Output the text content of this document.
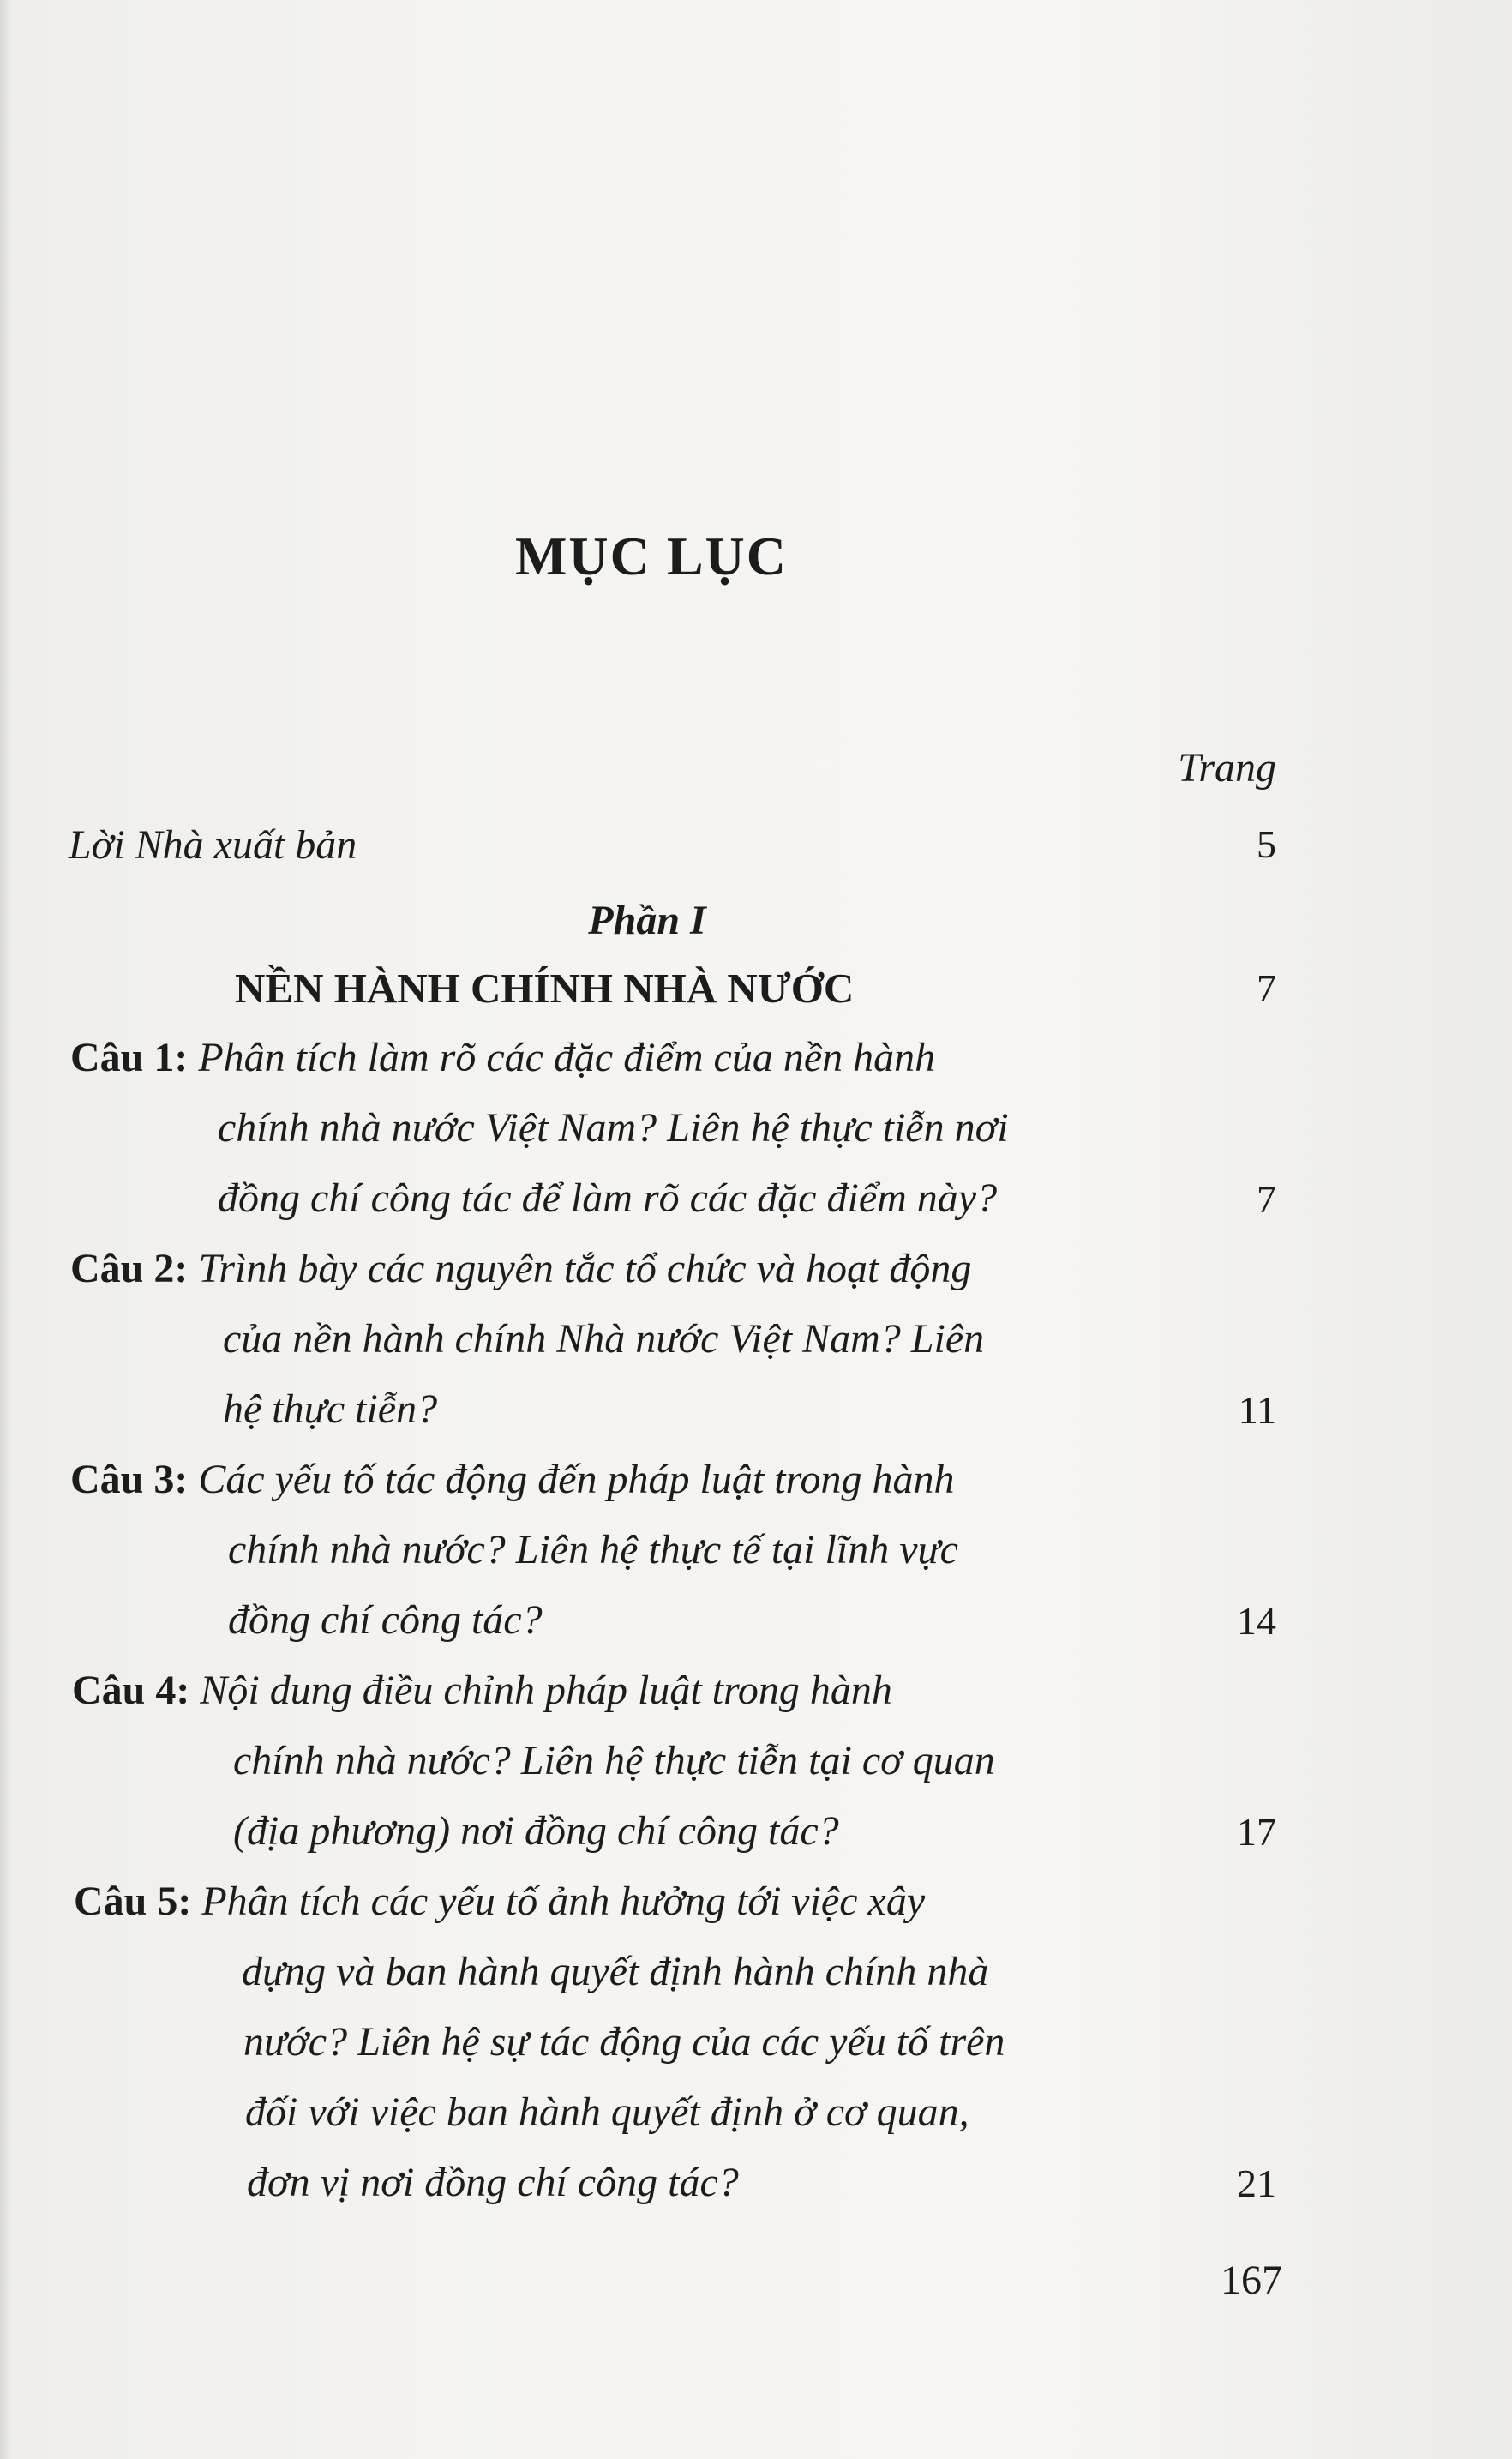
MỤC LỤC
Trang
Lời Nhà xuất bản	5
Phần I
NỀN HÀNH CHÍNH NHÀ NƯỚC	7
Câu 1: Phân tích làm rõ các đặc điểm của nền hành
chính nhà nước Việt Nam? Liên hệ thực tiễn nơi
đồng chí công tác để làm rõ các đặc điểm này?	7
Câu 2: Trình bày các nguyên tắc tổ chức và hoạt động
của nền hành chính Nhà nước Việt Nam? Liên
hệ thực tiễn?	11
Câu 3: Các yếu tố tác động đến pháp luật trong hành
chính nhà nước? Liên hệ thực tế tại lĩnh vực
đồng chí công tác?	14
Câu 4: Nội dung điều chỉnh pháp luật trong hành
chính nhà nước? Liên hệ thực tiễn tại cơ quan
(địa phương) nơi đồng chí công tác?	17
Câu 5: Phân tích các yếu tố ảnh hưởng tới việc xây
dựng và ban hành quyết định hành chính nhà
nước? Liên hệ sự tác động của các yếu tố trên
đối với việc ban hành quyết định ở cơ quan,
đơn vị nơi đồng chí công tác?	21
167
